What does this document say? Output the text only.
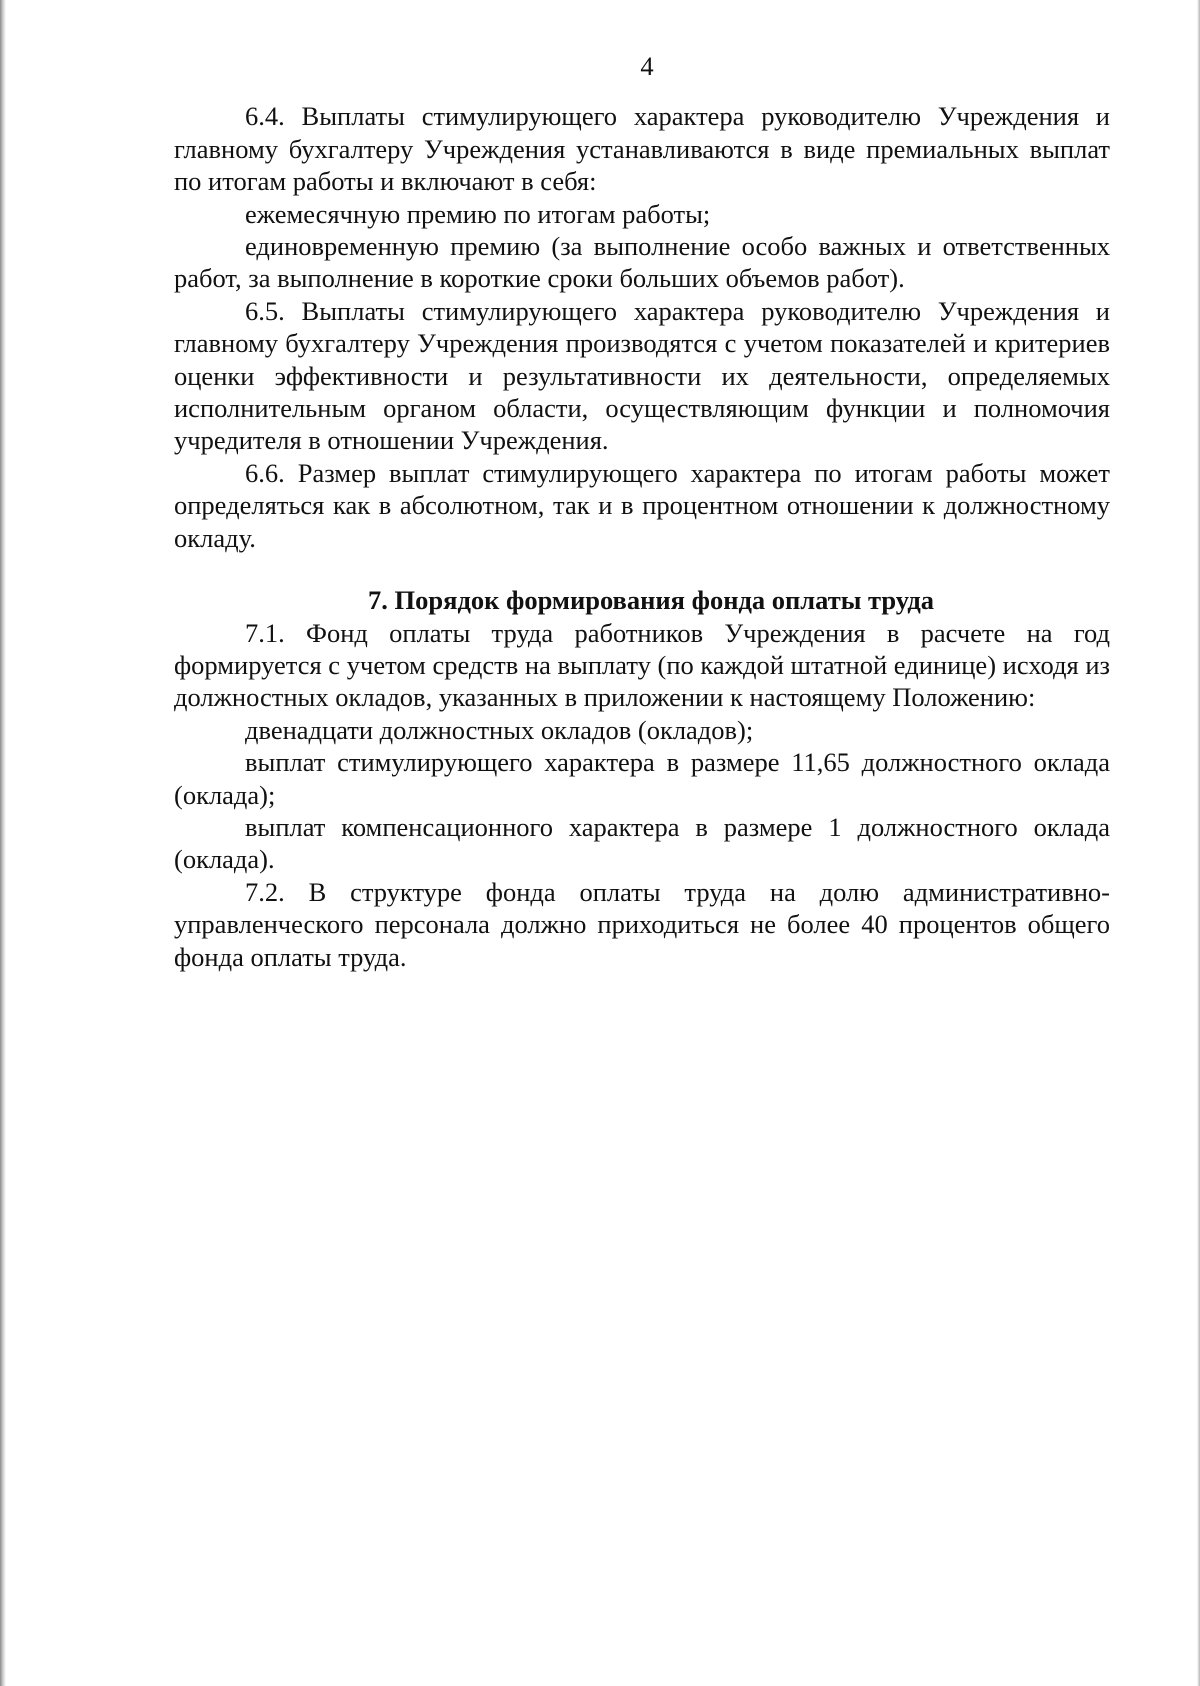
4

6.4. Выплаты стимулирующего характера руководителю Учреждения и главному бухгалтеру Учреждения устанавливаются в виде премиальных выплат по итогам работы и включают в себя:

ежемесячную премию по итогам работы;

единовременную премию (за выполнение особо важных и ответственных работ, за выполнение в короткие сроки больших объемов работ).

6.5. Выплаты стимулирующего характера руководителю Учреждения и главному бухгалтеру Учреждения производятся с учетом показателей и критериев оценки эффективности и результативности их деятельности, определяемых исполнительным органом области, осуществляющим функции и полномочия учредителя в отношении Учреждения.

6.6. Размер выплат стимулирующего характера по итогам работы может определяться как в абсолютном, так и в процентном отношении к должностному окладу.

7. Порядок формирования фонда оплаты труда

7.1. Фонд оплаты труда работников Учреждения в расчете на год формируется с учетом средств на выплату (по каждой штатной единице) исходя из должностных окладов, указанных в приложении к настоящему Положению:

двенадцати должностных окладов (окладов);

выплат стимулирующего характера в размере 11,65 должностного оклада (оклада);

выплат компенсационного характера в размере 1 должностного оклада (оклада).

7.2. В структуре фонда оплаты труда на долю административно-управленческого персонала должно приходиться не более 40 процентов общего фонда оплаты труда.
